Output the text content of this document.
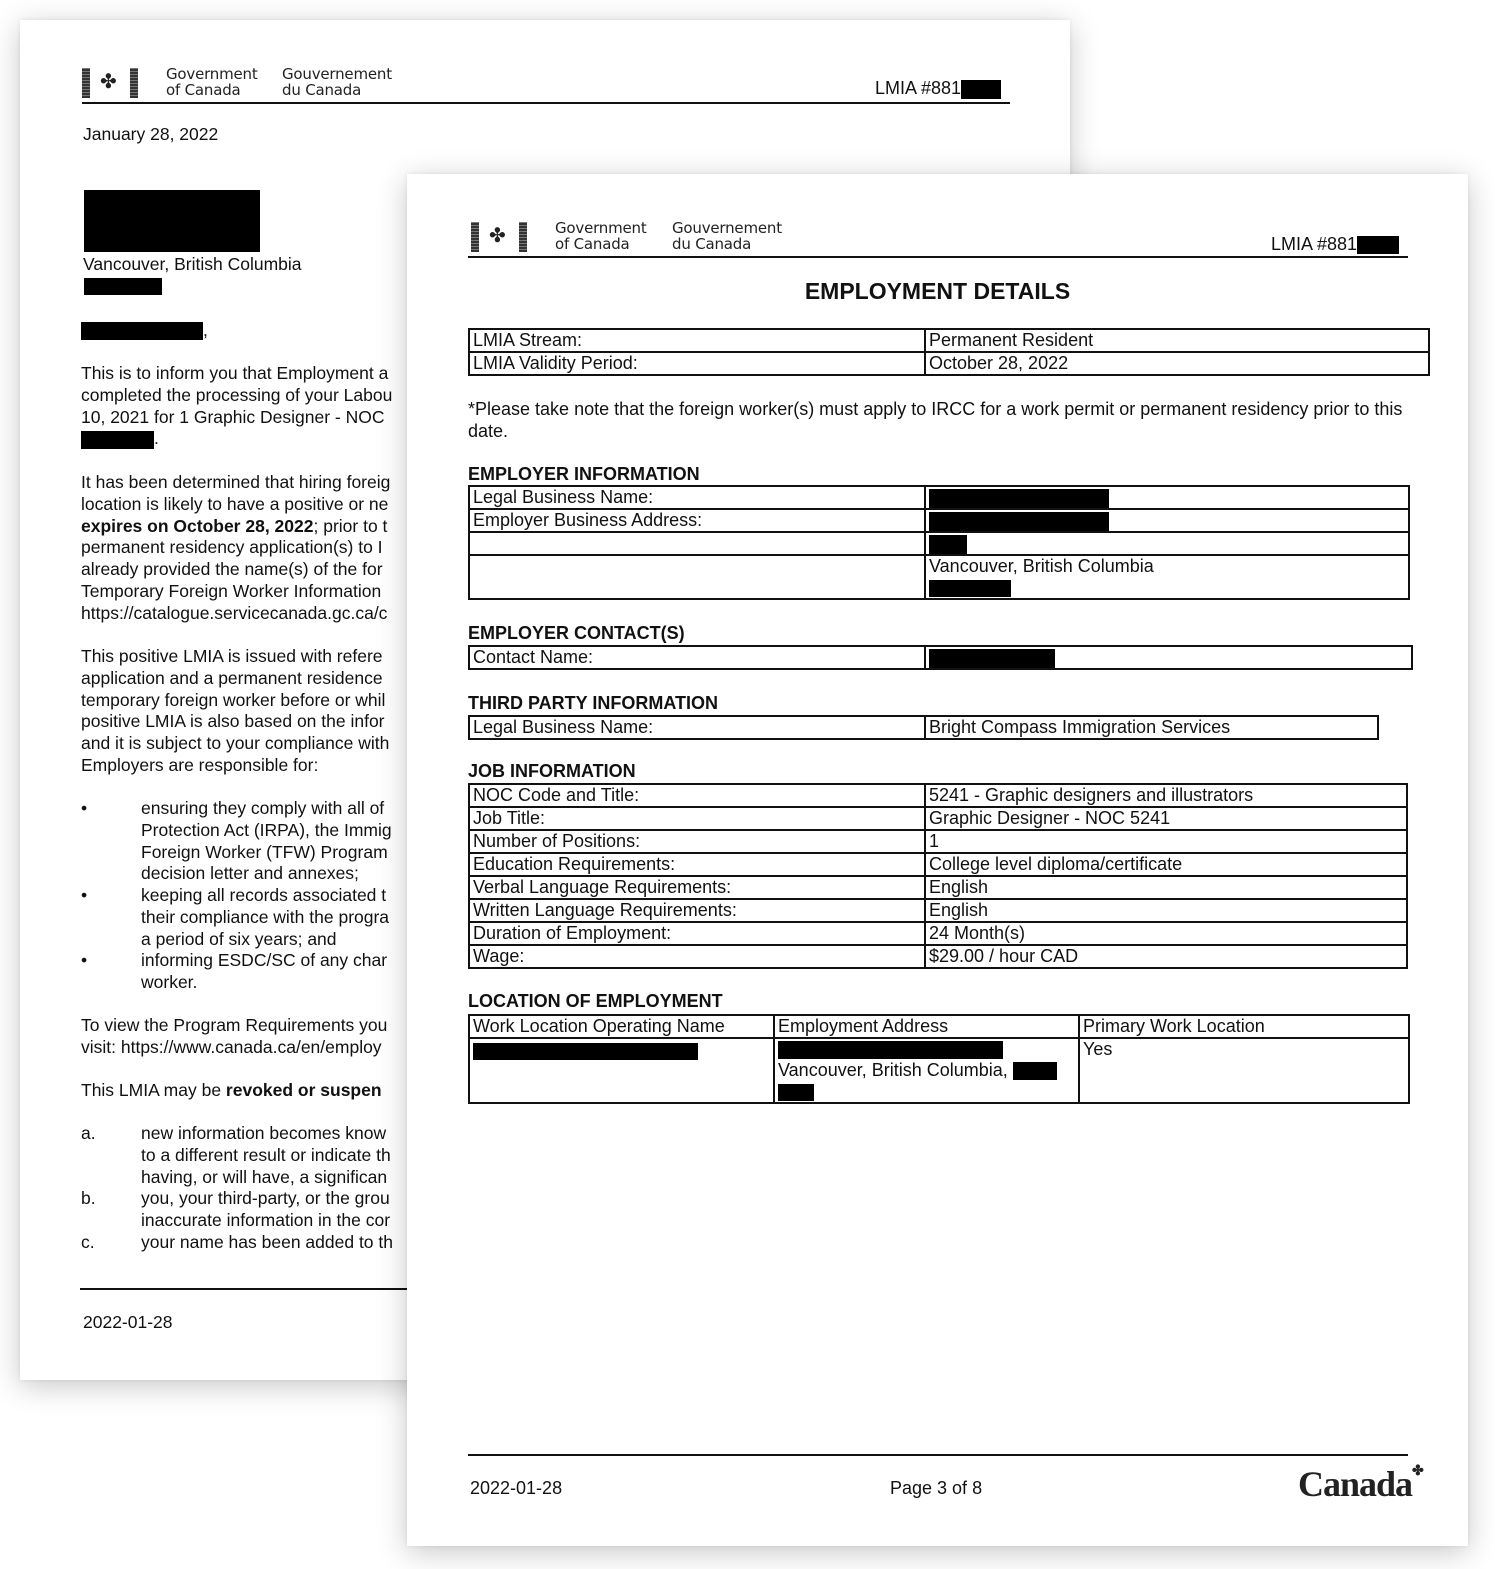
✤	Government
of Canada
Gouvernement
du Canada	LMIA #881
January 28, 2022
Vancouver, British Columbia
,
This is to inform you that Employment a
completed the processing of your Labou
10, 2021 for 1 Graphic Designer - NOC
.
It has been determined that hiring foreig
location is likely to have a positive or ne
expires on October 28, 2022; prior to t
permanent residency application(s) to I
already provided the name(s) of the for
Temporary Foreign Worker Information
https://catalogue.servicecanada.gc.ca/c
This positive LMIA is issued with refere
application and a permanent residence
temporary foreign worker before or whil
positive LMIA is also based on the infor
and it is subject to your compliance with
Employers are responsible for:
•	ensuring they comply with all of
Protection Act (IRPA), the Immig
Foreign Worker (TFW) Program
decision letter and annexes;
•	keeping all records associated t
their compliance with the progra
a period of six years; and
•	informing ESDC/SC of any char
worker.
To view the Program Requirements you
visit: https://www.canada.ca/en/employ
This LMIA may be revoked or suspen
a.	new information becomes know
to a different result or indicate th
having, or will have, a significan
b.	you, your third-party, or the grou
inaccurate information in the cor
c.	your name has been added to th
2022-01-28
✤	Government
of Canada
Gouvernement
du Canada	LMIA #881
EMPLOYMENT DETAILS
LMIA Stream:	Permanent Resident
LMIA Validity Period:	October 28, 2022
*Please take note that the foreign worker(s) must apply to IRCC for a work permit or permanent residency prior to this date.
EMPLOYER INFORMATION
Legal Business Name:	
Employer Business Address:	

	Vancouver, British Columbia
EMPLOYER CONTACT(S)
Contact Name:	
THIRD PARTY INFORMATION
Legal Business Name:	Bright Compass Immigration Services
JOB INFORMATION
NOC Code and Title:	5241 - Graphic designers and illustrators
Job Title:	Graphic Designer - NOC 5241
Number of Positions:	1
Education Requirements:	College level diploma/certificate
Verbal Language Requirements:	English
Written Language Requirements:	English
Duration of Employment:	24 Month(s)
Wage:	$29.00 / hour CAD
LOCATION OF EMPLOYMENT
Work Location Operating Name	Employment Address	Primary Work Location

	Vancouver, British Columbia,	Yes
2022-01-28	Page 3 of 8	Canada✤
